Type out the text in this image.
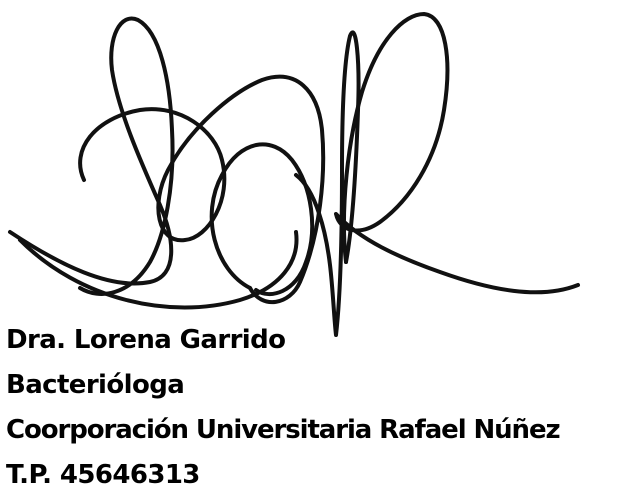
Dra. Lorena Garrido
Bacterióloga
Coorporación Universitaria Rafael Núñez
T.P. 45646313
